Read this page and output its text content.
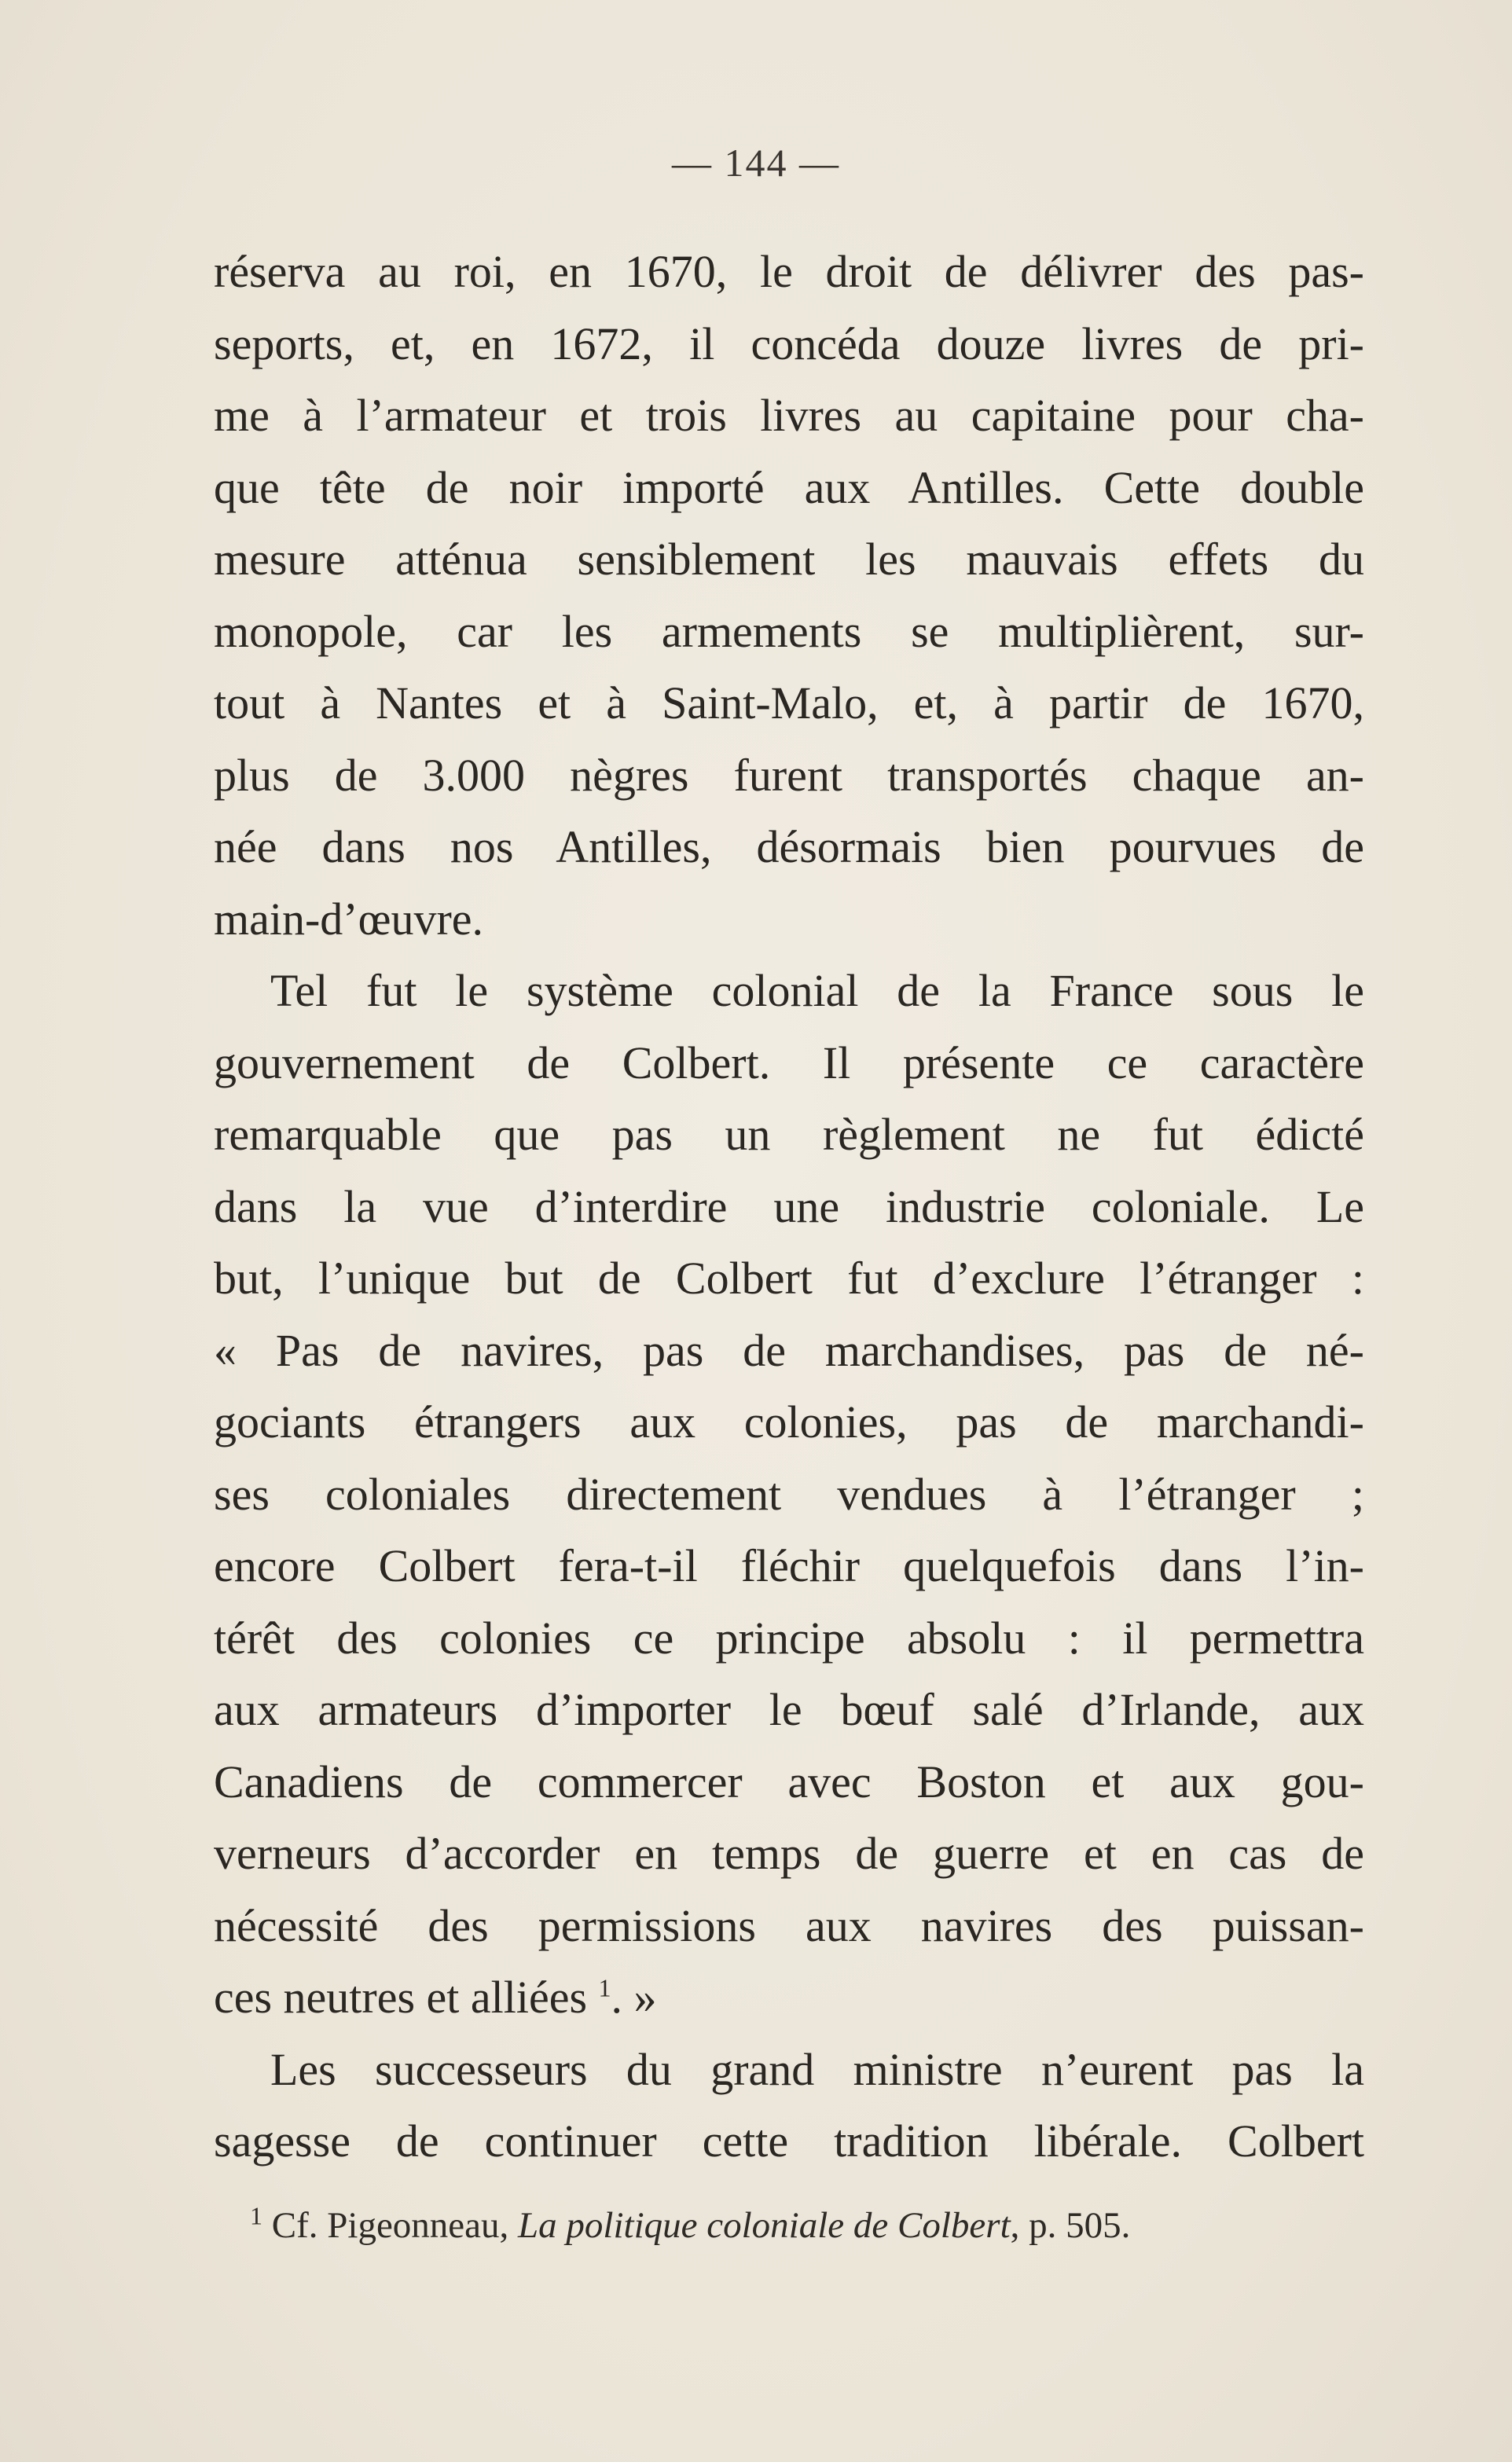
— 144 —
réserva au roi, en 1670, le droit de délivrer des pas-
seports, et, en 1672, il concéda douze livres de pri-
me à l’armateur et trois livres au capitaine pour cha-
que tête de noir importé aux Antilles. Cette double
mesure atténua sensiblement les mauvais effets du
monopole, car les armements se multiplièrent, sur-
tout à Nantes et à Saint-Malo, et, à partir de 1670,
plus de 3.000 nègres furent transportés chaque an-
née dans nos Antilles, désormais bien pourvues de
main-d’œuvre.
Tel fut le système colonial de la France sous le
gouvernement de Colbert. Il présente ce caractère
remarquable que pas un règlement ne fut édicté
dans la vue d’interdire une industrie coloniale. Le
but, l’unique but de Colbert fut d’exclure l’étranger :
« Pas de navires, pas de marchandises, pas de né-
gociants étrangers aux colonies, pas de marchandi-
ses coloniales directement vendues à l’étranger ;
encore Colbert fera-t-il fléchir quelquefois dans l’in-
térêt des colonies ce principe absolu : il permettra
aux armateurs d’importer le bœuf salé d’Irlande, aux
Canadiens de commercer avec Boston et aux gou-
verneurs d’accorder en temps de guerre et en cas de
nécessité des permissions aux navires des puissan-
ces neutres et alliées $^1$. »
Les successeurs du grand ministre n’eurent pas la
sagesse de continuer cette tradition libérale. Colbert
$^1$ Cf. Pigeonneau, La politique coloniale de Colbert, p. 505.
